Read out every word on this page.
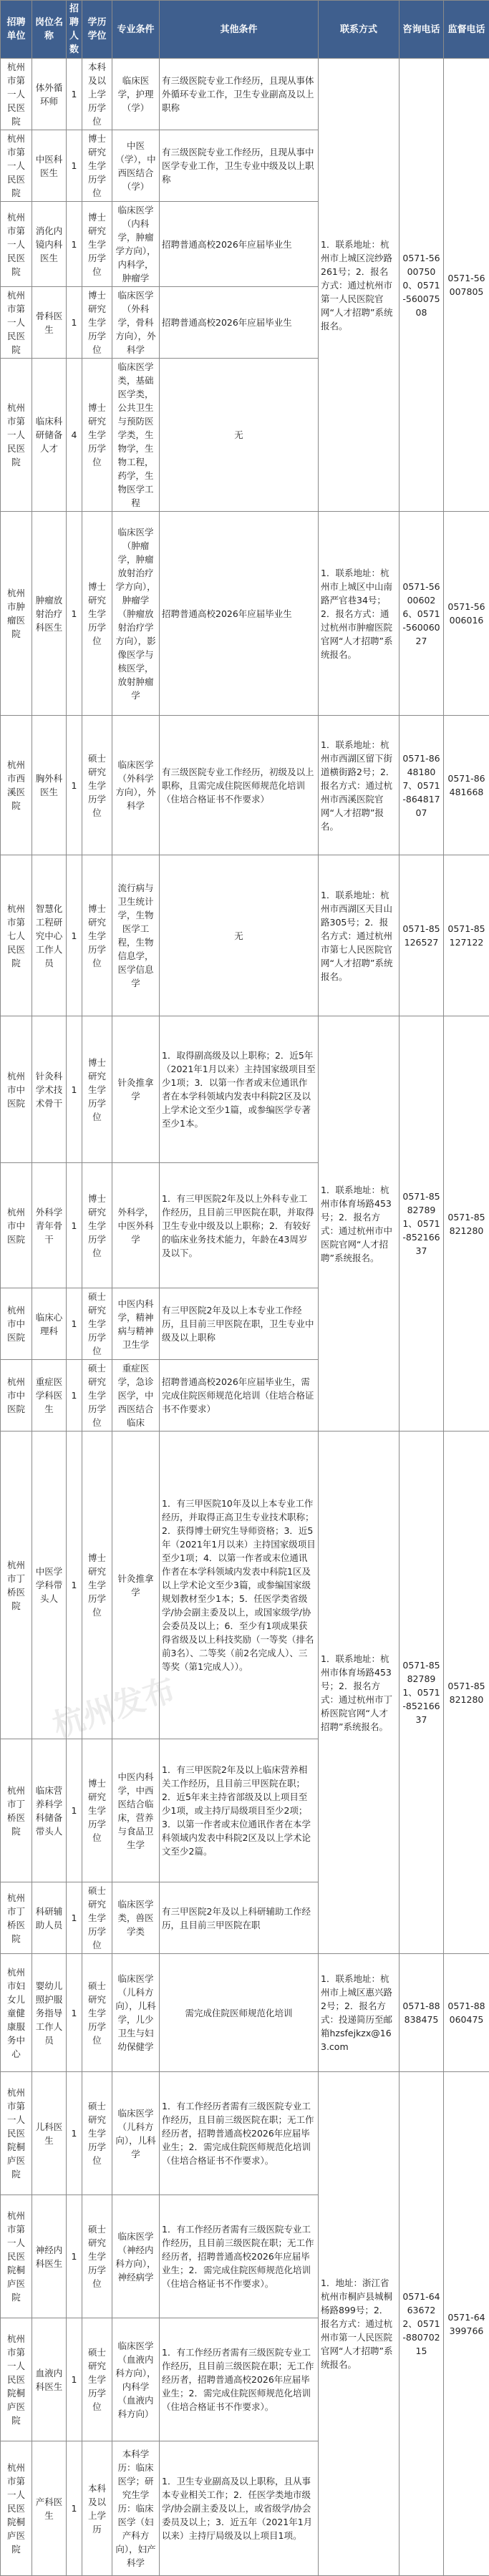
招聘单位	岗位名称	招聘人数	学历学位	专业条件	其他条件	联系方式	咨询电话	监督电话
杭州市第一人民医院	体外循环师	1	本科及以上学历学位	临床医学，护理（学）	有三级医院专业工作经历，且现从事体外循环专业工作，卫生专业副高及以上职称	1．联系地址：杭州市上城区浣纱路261号；2．报名方式：通过杭州市第一人民医院官网“人才招聘”系统报名。	0571-56007500、0571-56007508	0571-56007805
杭州市第一人民医院	中医科医生	1	博士研究生学历学位	中医（学），中西医结合（学）	有三级医院专业工作经历，且现从事中医学专业工作，卫生专业中级及以上职称			
杭州市第一人民医院	消化内镜内科医生	1	博士研究生学历学位	临床医学（内科学，肿瘤学方向），内科学，肿瘤学	招聘普通高校2026年应届毕业生			
杭州市第一人民医院	骨科医生	1	博士研究生学历学位	临床医学（外科学，骨科方向），外科学	招聘普通高校2026年应届毕业生			
杭州市第一人民医院	临床科研储备人才	4	博士研究生学历学位	临床医学类，基础医学类，公共卫生与预防医学类，生物学，生物工程，药学，生物医学工程	无			
杭州市肿瘤医院	肿瘤放射治疗科医生	1	博士研究生学历学位	临床医学（肿瘤学，肿瘤放射治疗学方向），肿瘤学（肿瘤放射治疗学方向），影像医学与核医学，放射肿瘤学	招聘普通高校2026年应届毕业生	1．联系地址：杭州市上城区中山南路严官巷34号；2．报名方式：通过杭州市肿瘤医院官网“人才招聘”系统报名。	0571-56006026、0571-56006027	0571-56006016
杭州市西溪医院	胸外科医生	1	硕士研究生学历学位	临床医学（外科学方向），外科学	有三级医院专业工作经历，初级及以上职称，且需完成住院医师规范化培训（住培合格证书不作要求）	1．联系地址：杭州市西湖区留下街道横街路2号；2．报名方式：通过杭州市西溪医院官网“人才招聘”报名。	0571-86481807、0571-86481707	0571-86481668
杭州市第七人民医院	智慧化工程研究中心工作人员	1	博士研究生学历学位	流行病与卫生统计学，生物医学工程，生物信息学，医学信息学	无	1．联系地址：杭州市西湖区天目山路305号；2．报名方式：通过杭州市第七人民医院官网“人才招聘”系统报名。	0571-85126527	0571-85127122
杭州市中医院	针灸科学术技术骨干	1	博士研究生学历学位	针灸推拿学	1．取得副高级及以上职称；2．近5年（2021年1月以来）主持国家级项目至少1项；3．以第一作者或末位通讯作者在本学科领域内发表中科院2区及以上学术论文至少1篇，或参编医学专著至少1本。	1．联系地址：杭州市体育场路453号；2．报名方式：通过杭州市中医院官网“人才招聘”系统报名。	0571-85827891、0571-85216637	0571-85821280
杭州市中医院	外科学青年骨干	1	博士研究生学历学位	外科学，中医外科学	1．有三甲医院2年及以上外科专业工作经历，且目前三甲医院在职，并取得卫生专业中级及以上职称；2．有较好的临床业务技术能力，年龄在43周岁及以下。			
杭州市中医院	临床心理科	1	硕士研究生学历学位	中医内科学，精神病与精神卫生学	有三甲医院2年及以上本专业工作经历，且目前三甲医院在职，卫生专业中级及以上职称			
杭州市中医院	重症医学科医生	1	硕士研究生学历学位	重症医学，急诊医学，中西医结合临床	招聘普通高校2026年应届毕业生，需完成住院医师规范化培训（住培合格证书不作要求）			
杭州市丁桥医院	中医学学科带头人	1	博士研究生学历学位	针灸推拿学	1．有三甲医院10年及以上本专业工作经历，并取得正高卫生专业技术职称；2．获得博士研究生导师资格；3．近5年（2021年1月以来）主持国家级项目至少1项；4．以第一作者或末位通讯作者在本学科领域内发表中科院1区及以上学术论文至少3篇，或参编国家级规划教材至少1本；5．任医学类省级学/协会副主委及以上，或国家级学/协会委员及以上；6．至少有1项成果获得省级及以上科技奖励（一等奖（排名前3名）、二等奖（前2名完成人）、三等奖（第1完成人））。	1．联系地址：杭州市体育场路453号；2．报名方式：通过杭州市丁桥医院官网“人才招聘”系统报名。	0571-85827891、0571-85216637	0571-85821280
杭州市丁桥医院	临床营养科学科储备带头人	1	博士研究生学历学位	中医内科学，中西医结合临床，营养与食品卫生学	1．有三甲医院2年及以上临床营养相关工作经历，且目前三甲医院在职；2．近5年来主持省部级及以上项目至少1项，或主持厅局级项目至少2项；3．以第一作者或末位通讯作者在本学科领域内发表中科院2区及以上学术论文至少2篇。			
杭州市丁桥医院	科研辅助人员	1	硕士研究生学历学位	临床医学类，兽医学类	有三甲医院2年及以上科研辅助工作经历，且目前三甲医院在职			
杭州市妇女儿童健康服务中心	婴幼儿照护服务指导工作人员	1	硕士研究生学历学位	临床医学（儿科方向），儿科学，儿少卫生与妇幼保健学	需完成住院医师规范化培训	1．联系地址：杭州市上城区惠兴路2号；2．报名方式：投递简历至邮箱hzsfejkzx@163.com	0571-88838475	0571-88060475
杭州市第一人民医院桐庐医院	儿科医生	1	硕士研究生学历学位	临床医学（儿科方向），儿科学	1．有工作经历者需有三级医院专业工作经历，且目前三级医院在职；无工作经历者，招聘普通高校2026年应届毕业生；2．需完成住院医师规范化培训（住培合格证书不作要求）。	1．地址：浙江省杭州市桐庐县城桐杨路899号；2．报名方式：通过杭州市第一人民医院官网“人才招聘”系统报名。	0571-64636722、0571-88070215	0571-64399766
杭州市第一人民医院桐庐医院	神经内科医生	1	硕士研究生学历学位	临床医学（神经内科方向），神经病学	1．有工作经历者需有三级医院专业工作经历，且目前三级医院在职；无工作经历者，招聘普通高校2026年应届毕业生；2．需完成住院医师规范化培训（住培合格证书不作要求）。			
杭州市第一人民医院桐庐医院	血液内科医生	1	硕士研究生学历学位	临床医学（血液内科方向），内科学（血液内科方向）	1．有工作经历者需有三级医院专业工作经历，且目前三级医院在职；无工作经历者，招聘普通高校2026年应届毕业生；2．需完成住院医师规范化培训（住培合格证书不作要求）。			
杭州市第一人民医院桐庐医院	产科医生	1	本科及以上学历	本科学历：临床医学；研究生学历：临床医学（妇产科方向），妇产科学	1．卫生专业副高及以上职称，且从事本专业相关工作；2．任医学类地市级学/协会副主委及以上，或省级学/协会委员及以上；3．近五年（2021年1月以来）主持厅局级及以上项目1项。			
杭州发布
